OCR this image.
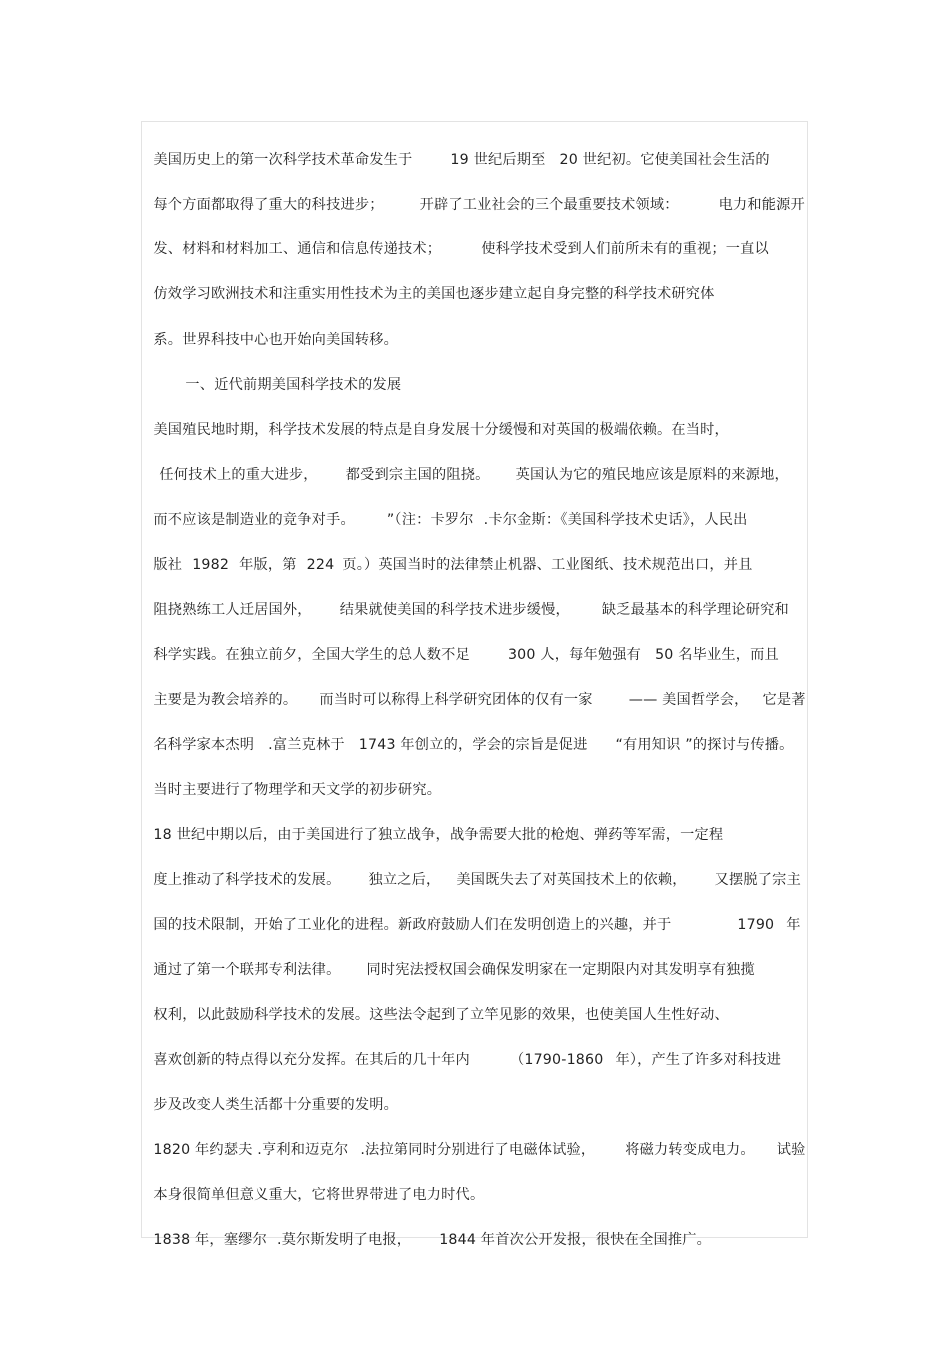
美国历史上的第一次科学技术革命发生于	19 世纪后期至 20 世纪初。它使美国社会生活的

每个方面都取得了重大的科技进步；	开辟了工业社会的三个最重要技术领域：	电力和能源开

发、材料和材料加工、通信和信息传递技术；	使科学技术受到人们前所未有的重视；一直以

仿效学习欧洲技术和注重实用性技术为主的美国也逐步建立起自身完整的科学技术研究体

系。世界科技中心也开始向美国转移。

一、近代前期美国科学技术的发展

美国殖民地时期，科学技术发展的特点是自身发展十分缓慢和对英国的极端依赖。在当时，

任何技术上的重大进步， 都受到宗主国的阻挠。 英国认为它的殖民地应该是原料的来源地，

而不应该是制造业的竞争对手。 ”（注：卡罗尔 .卡尔金斯：《美国科学技术史话》，人民出

版社 1982 年版，第 224 页。）英国当时的法律禁止机器、工业图纸、技术规范出口，并且

阻挠熟练工人迁居国外， 结果就使美国的科学技术进步缓慢， 缺乏最基本的科学理论研究和

科学实践。在独立前夕，全国大学生的总人数不足	300 人，每年勉强有 50 名毕业生，而且

主要是为教会培养的。 而当时可以称得上科学研究团体的仅有一家	—— 美国哲学会， 它是著

名科学家本杰明 .富兰克林于 1743 年创立的，学会的宗旨是促进 “有用知识 ”的探讨与传播。

当时主要进行了物理学和天文学的初步研究。

18 世纪中期以后，由于美国进行了独立战争，战争需要大批的枪炮、弹药等军需，一定程

度上推动了科学技术的发展。 独立之后， 美国既失去了对英国技术上的依赖， 又摆脱了宗主

国的技术限制，开始了工业化的进程。新政府鼓励人们在发明创造上的兴趣，并于	1790 年

通过了第一个联邦专利法律。 同时宪法授权国会确保发明家在一定期限内对其发明享有独揽

权利，以此鼓励科学技术的发展。这些法令起到了立竿见影的效果，也使美国人生性好动、

喜欢创新的特点得以充分发挥。在其后的几十年内	（1790-1860 年），产生了许多对科技进

步及改变人类生活都十分重要的发明。

1820 年约瑟夫 .亨利和迈克尔 .法拉第同时分别进行了电磁体试验， 将磁力转变成电力。 试验

本身很简单但意义重大，它将世界带进了电力时代。

1838 年，塞缪尔 .莫尔斯发明了电报， 1844 年首次公开发报，很快在全国推广。
